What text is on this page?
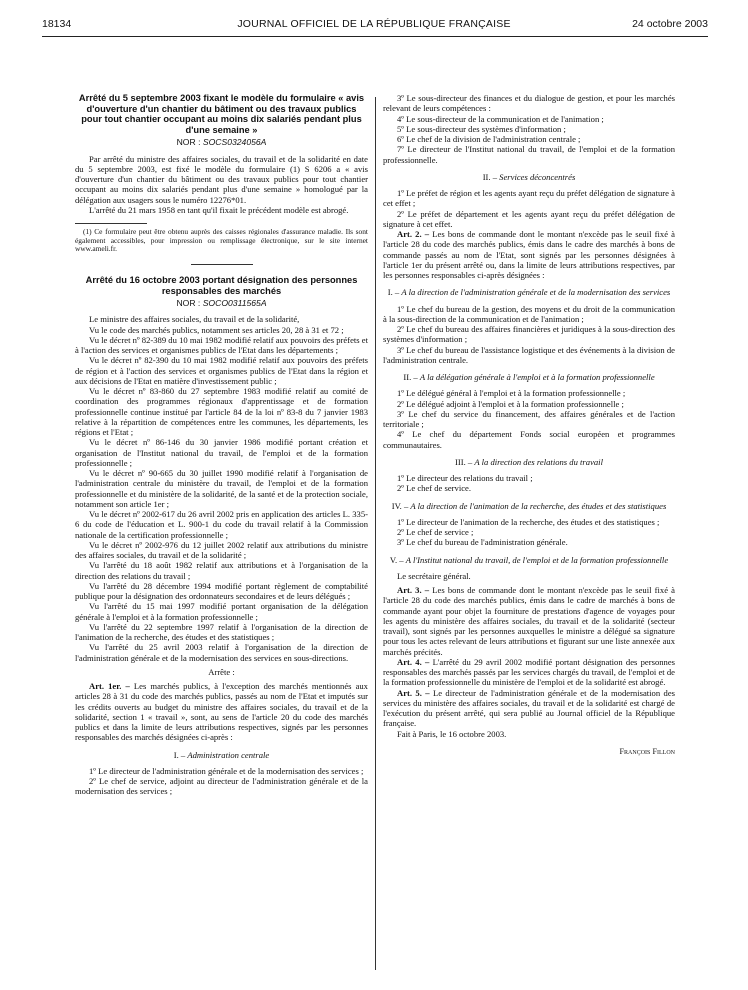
18134	JOURNAL OFFICIEL DE LA RÉPUBLIQUE FRANÇAISE	24 octobre 2003

Arrêté du 5 septembre 2003 fixant le modèle du formulaire « avis d'ouverture d'un chantier du bâtiment ou des travaux publics pour tout chantier occupant au moins dix salariés pendant plus d'une semaine »

NOR : SOCS0324056A

Par arrêté du ministre des affaires sociales, du travail et de la solidarité en date du 5 septembre 2003, est fixé le modèle du formulaire (1) S 6206 a « avis d'ouverture d'un chantier du bâtiment ou des travaux publics pour tout chantier occupant au moins dix salariés pendant plus d'une semaine » homologué par la délégation aux usagers sous le numéro 12276*01.

L'arrêté du 21 mars 1958 en tant qu'il fixait le précédent modèle est abrogé.

(1) Ce formulaire peut être obtenu auprès des caisses régionales d'assurance maladie. Ils sont également accessibles, pour impression ou remplissage électronique, sur le site internet www.ameli.fr.

Arrêté du 16 octobre 2003 portant désignation des personnes responsables des marchés

NOR : SOCO0311565A

Le ministre des affaires sociales, du travail et de la solidarité,

Vu le code des marchés publics, notamment ses articles 20, 28 à 31 et 72 ;

Vu le décret nº 82-389 du 10 mai 1982 modifié relatif aux pouvoirs des préfets et à l'action des services et organismes publics de l'Etat dans les départements ;

Vu le décret nº 82-390 du 10 mai 1982 modifié relatif aux pouvoirs des préfets de région et à l'action des services et organismes publics de l'Etat dans la région et aux décisions de l'Etat en matière d'investissement public ;

Vu le décret nº 83-860 du 27 septembre 1983 modifié relatif au comité de coordination des programmes régionaux d'apprentissage et de formation professionnelle continue institué par l'article 84 de la loi nº 83-8 du 7 janvier 1983 relative à la répartition de compétences entre les communes, les départements, les régions et l'Etat ;

Vu le décret nº 86-146 du 30 janvier 1986 modifié portant création et organisation de l'Institut national du travail, de l'emploi et de la formation professionnelle ;

Vu le décret nº 90-665 du 30 juillet 1990 modifié relatif à l'organisation de l'administration centrale du ministère du travail, de l'emploi et de la formation professionnelle et du ministère de la solidarité, de la santé et de la protection sociale, notamment son article 1er ;

Vu le décret nº 2002-617 du 26 avril 2002 pris en application des articles L. 335-6 du code de l'éducation et L. 900-1 du code du travail relatif à la Commission nationale de la certification professionnelle ;

Vu le décret nº 2002-976 du 12 juillet 2002 relatif aux attributions du ministre des affaires sociales, du travail et de la solidarité ;

Vu l'arrêté du 18 août 1982 relatif aux attributions et à l'organisation de la direction des relations du travail ;

Vu l'arrêté du 28 décembre 1994 modifié portant règlement de comptabilité publique pour la désignation des ordonnateurs secondaires et de leurs délégués ;

Vu l'arrêté du 15 mai 1997 modifié portant organisation de la délégation générale à l'emploi et à la formation professionnelle ;

Vu l'arrêté du 22 septembre 1997 relatif à l'organisation de la direction de l'animation de la recherche, des études et des statistiques ;

Vu l'arrêté du 25 avril 2003 relatif à l'organisation de la direction de l'administration générale et de la modernisation des services en sous-directions.

Arrête :

Art. 1er. – Les marchés publics, à l'exception des marchés mentionnés aux articles 28 à 31 du code des marchés publics, passés au nom de l'Etat et imputés sur les crédits ouverts au budget du ministre des affaires sociales, du travail et de la solidarité, section 1 « travail », sont, au sens de l'article 20 du code des marchés publics et dans la limite de leurs attributions respectives, signés par les personnes responsables des marchés désignées ci-après :

I. – Administration centrale

1º Le directeur de l'administration générale et de la modernisation des services ;

2º Le chef de service, adjoint au directeur de l'administration générale et de la modernisation des services ;

3º Le sous-directeur des finances et du dialogue de gestion, et pour les marchés relevant de leurs compétences :

4º Le sous-directeur de la communication et de l'animation ;

5º Le sous-directeur des systèmes d'information ;

6º Le chef de la division de l'administration centrale ;

7º Le directeur de l'Institut national du travail, de l'emploi et de la formation professionnelle.

II. – Services déconcentrés

1º Le préfet de région et les agents ayant reçu du préfet délégation de signature à cet effet ;

2º Le préfet de département et les agents ayant reçu du préfet délégation de signature à cet effet.

Art. 2. – Les bons de commande dont le montant n'excède pas le seuil fixé à l'article 28 du code des marchés publics, émis dans le cadre des marchés à bons de commande passés au nom de l'Etat, sont signés par les personnes désignées à l'article 1er du présent arrêté ou, dans la limite de leurs attributions respectives, par les personnes responsables ci-après désignées :

I. – A la direction de l'administration générale et de la modernisation des services

1º Le chef du bureau de la gestion, des moyens et du droit de la communication à la sous-direction de la communication et de l'animation ;

2º Le chef du bureau des affaires financières et juridiques à la sous-direction des systèmes d'information ;

3º Le chef du bureau de l'assistance logistique et des événements à la division de l'administration centrale.

II. – A la délégation générale à l'emploi et à la formation professionnelle

1º Le délégué général à l'emploi et à la formation professionnelle ;

2º Le délégué adjoint à l'emploi et à la formation professionnelle ;

3º Le chef du service du financement, des affaires générales et de l'action territoriale ;

4º Le chef du département Fonds social européen et programmes communautaires.

III. – A la direction des relations du travail

1º Le directeur des relations du travail ;

2º Le chef de service.

IV. – A la direction de l'animation de la recherche, des études et des statistiques

1º Le directeur de l'animation de la recherche, des études et des statistiques ;

2º Le chef de service ;

3º Le chef du bureau de l'administration générale.

V. – A l'Institut national du travail, de l'emploi et de la formation professionnelle

Le secrétaire général.

Art. 3. – Les bons de commande dont le montant n'excède pas le seuil fixé à l'article 28 du code des marchés publics, émis dans le cadre de marchés à bons de commande ayant pour objet la fourniture de prestations d'agence de voyages pour les agents du ministère des affaires sociales, du travail et de la solidarité (secteur travail), sont signés par les personnes auxquelles le ministre a délégué sa signature pour tous les actes relevant de leurs attributions et figurant sur une liste annexée aux marchés précités.

Art. 4. – L'arrêté du 29 avril 2002 modifié portant désignation des personnes responsables des marchés passés par les services chargés du travail, de l'emploi et de la formation professionnelle du ministère de l'emploi et de la solidarité est abrogé.

Art. 5. – Le directeur de l'administration générale et de la modernisation des services du ministère des affaires sociales, du travail et de la solidarité est chargé de l'exécution du présent arrêté, qui sera publié au Journal officiel de la République française.

Fait à Paris, le 16 octobre 2003.

François Fillon
